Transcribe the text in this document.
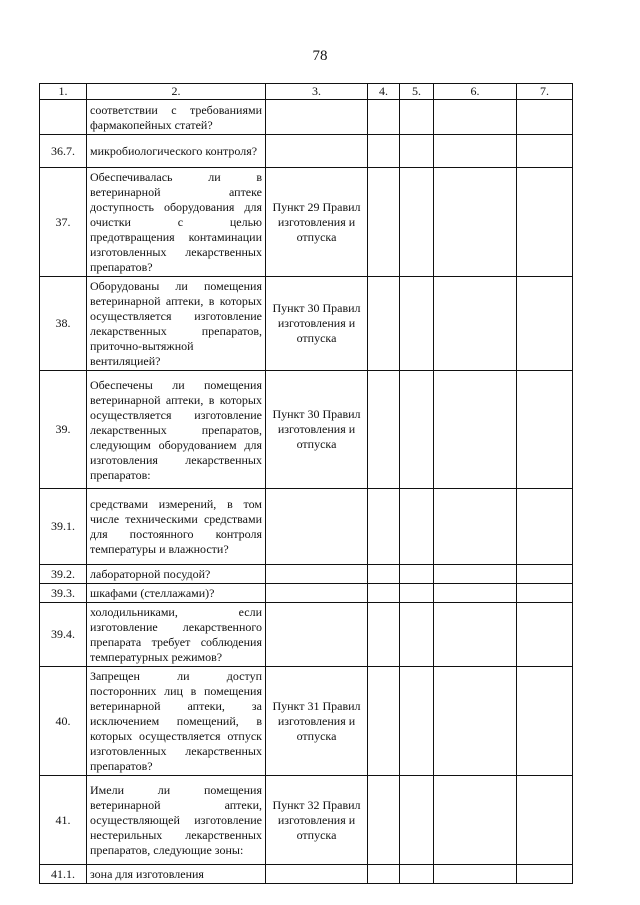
78
1.	2.	3.	4.	5.	6.	7.
	соответствии с требованиями фармакопейных статей?					
36.7.	микробиологического контроля?					
37.	Обеспечивалась ли в ветеринарной аптеке доступность оборудования для очистки с целью предотвращения контаминации изготовленных лекарственных препаратов?	Пункт 29 Правил изготовления и отпуска				
38.	Оборудованы ли помещения ветеринарной аптеки, в которых осуществляется изготовление лекарственных препаратов, приточно-вытяжной вентиляцией?	Пункт 30 Правил изготовления и отпуска				
39.	Обеспечены ли помещения ветеринарной аптеки, в которых осуществляется изготовление лекарственных препаратов, следующим оборудованием для изготовления лекарственных препаратов:	Пункт 30 Правил изготовления и отпуска				
39.1.	средствами измерений, в том числе техническими средствами для постоянного контроля температуры и влажности?					
39.2.	лабораторной посудой?					
39.3.	шкафами (стеллажами)?					
39.4.	холодильниками, если изготовление лекарственного препарата требует соблюдения температурных режимов?					
40.	Запрещен ли доступ посторонних лиц в помещения ветеринарной аптеки, за исключением помещений, в которых осуществляется отпуск изготовленных лекарственных препаратов?	Пункт 31 Правил изготовления и отпуска				
41.	Имели ли помещения ветеринарной аптеки, осуществляющей изготовление нестерильных лекарственных препаратов, следующие зоны:	Пункт 32 Правил изготовления и отпуска				
41.1.	зона для изготовления					
